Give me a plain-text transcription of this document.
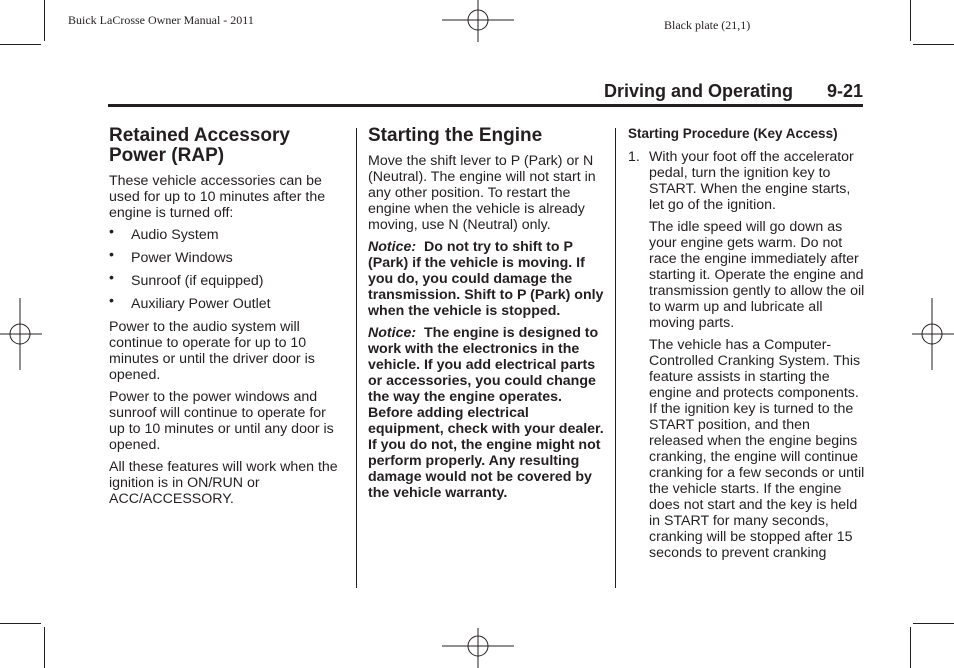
Buick LaCrosse Owner Manual - 2011	Black plate (21,1)
Driving and Operating 9-21
Retained Accessory Power (RAP)

These vehicle accessories can be used for up to 10 minutes after the engine is turned off:

• Audio System
• Power Windows
• Sunroof (if equipped)
• Auxiliary Power Outlet

Power to the audio system will continue to operate for up to 10 minutes or until the driver door is opened.

Power to the power windows and sunroof will continue to operate for up to 10 minutes or until any door is opened.

All these features will work when the ignition is in ON/RUN or ACC/ACCESSORY.

Starting the Engine

Move the shift lever to P (Park) or N (Neutral). The engine will not start in any other position. To restart the engine when the vehicle is already moving, use N (Neutral) only.

Notice: Do not try to shift to P (Park) if the vehicle is moving. If you do, you could damage the transmission. Shift to P (Park) only when the vehicle is stopped.

Notice: The engine is designed to work with the electronics in the vehicle. If you add electrical parts or accessories, you could change the way the engine operates. Before adding electrical equipment, check with your dealer. If you do not, the engine might not perform properly. Any resulting damage would not be covered by the vehicle warranty.

Starting Procedure (Key Access)
1. With your foot off the accelerator pedal, turn the ignition key to START. When the engine starts, let go of the ignition.

The idle speed will go down as your engine gets warm. Do not race the engine immediately after starting it. Operate the engine and transmission gently to allow the oil to warm up and lubricate all moving parts.

The vehicle has a Computer-Controlled Cranking System. This feature assists in starting the engine and protects components. If the ignition key is turned to the START position, and then released when the engine begins cranking, the engine will continue cranking for a few seconds or until the vehicle starts. If the engine does not start and the key is held in START for many seconds, cranking will be stopped after 15 seconds to prevent cranking
